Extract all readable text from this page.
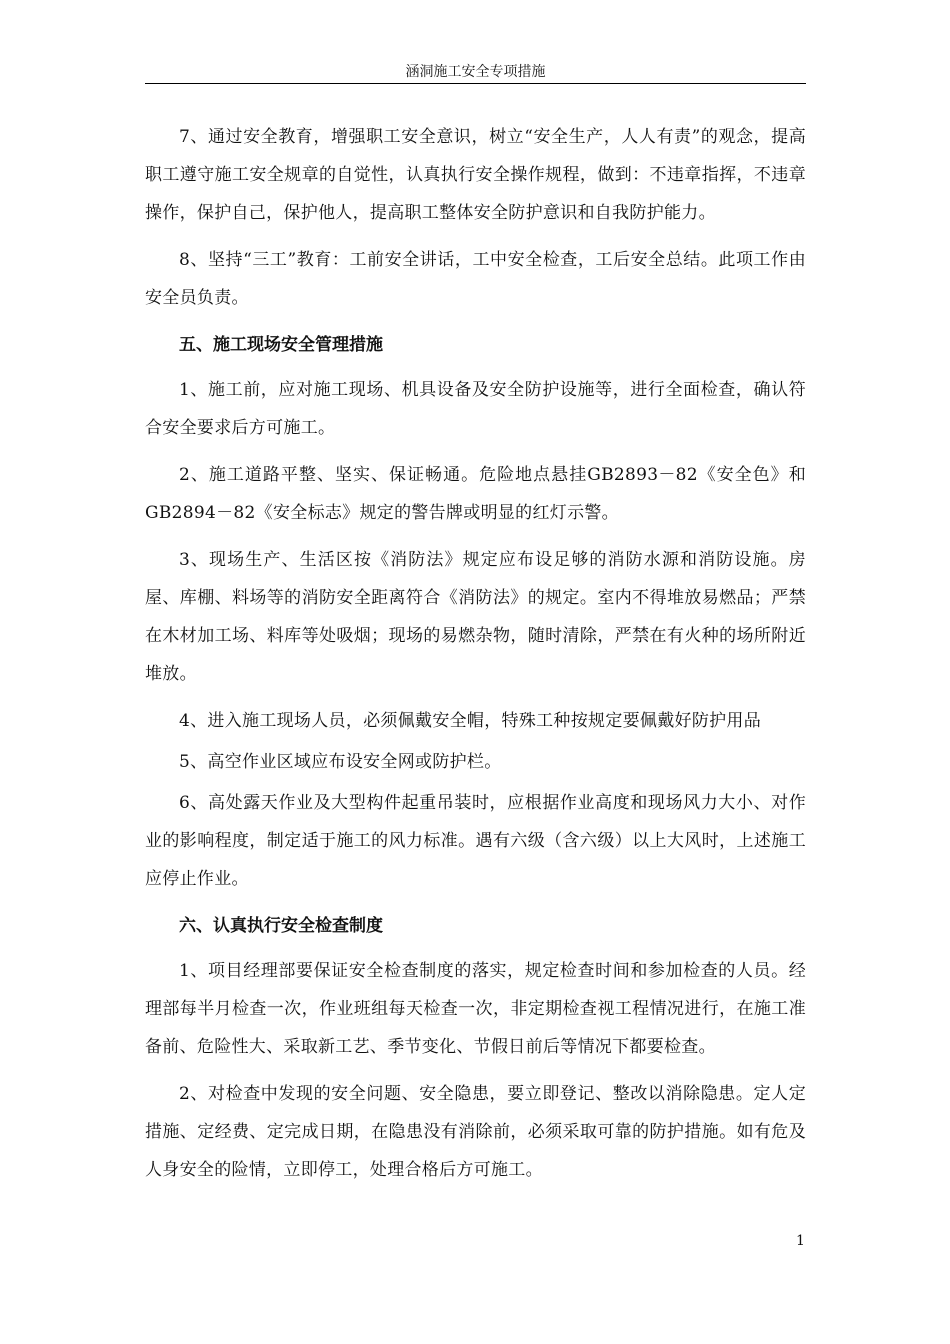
涵洞施工安全专项措施

7、通过安全教育，增强职工安全意识，树立“安全生产，人人有责”的观念，提高职工遵守施工安全规章的自觉性，认真执行安全操作规程，做到：不违章指挥，不违章操作，保护自己，保护他人，提高职工整体安全防护意识和自我防护能力。

8、坚持“三工”教育：工前安全讲话，工中安全检查，工后安全总结。此项工作由安全员负责。

五、施工现场安全管理措施

1、施工前，应对施工现场、机具设备及安全防护设施等，进行全面检查，确认符合安全要求后方可施工。

2、施工道路平整、坚实、保证畅通。危险地点悬挂GB2893－82《安全色》和GB2894－82《安全标志》规定的警告牌或明显的红灯示警。

3、现场生产、生活区按《消防法》规定应布设足够的消防水源和消防设施。房屋、库棚、料场等的消防安全距离符合《消防法》的规定。室内不得堆放易燃品；严禁在木材加工场、料库等处吸烟；现场的易燃杂物，随时清除，严禁在有火种的场所附近堆放。

4、进入施工现场人员，必须佩戴安全帽，特殊工种按规定要佩戴好防护用品

5、高空作业区域应布设安全网或防护栏。

6、高处露天作业及大型构件起重吊装时，应根据作业高度和现场风力大小、对作业的影响程度，制定适于施工的风力标准。遇有六级（含六级）以上大风时，上述施工应停止作业。

六、认真执行安全检查制度

1、项目经理部要保证安全检查制度的落实，规定检查时间和参加检查的人员。经理部每半月检查一次，作业班组每天检查一次，非定期检查视工程情况进行，在施工准备前、危险性大、采取新工艺、季节变化、节假日前后等情况下都要检查。

2、对检查中发现的安全问题、安全隐患，要立即登记、整改以消除隐患。定人定措施、定经费、定完成日期，在隐患没有消除前，必须采取可靠的防护措施。如有危及人身安全的险情，立即停工，处理合格后方可施工。

1
